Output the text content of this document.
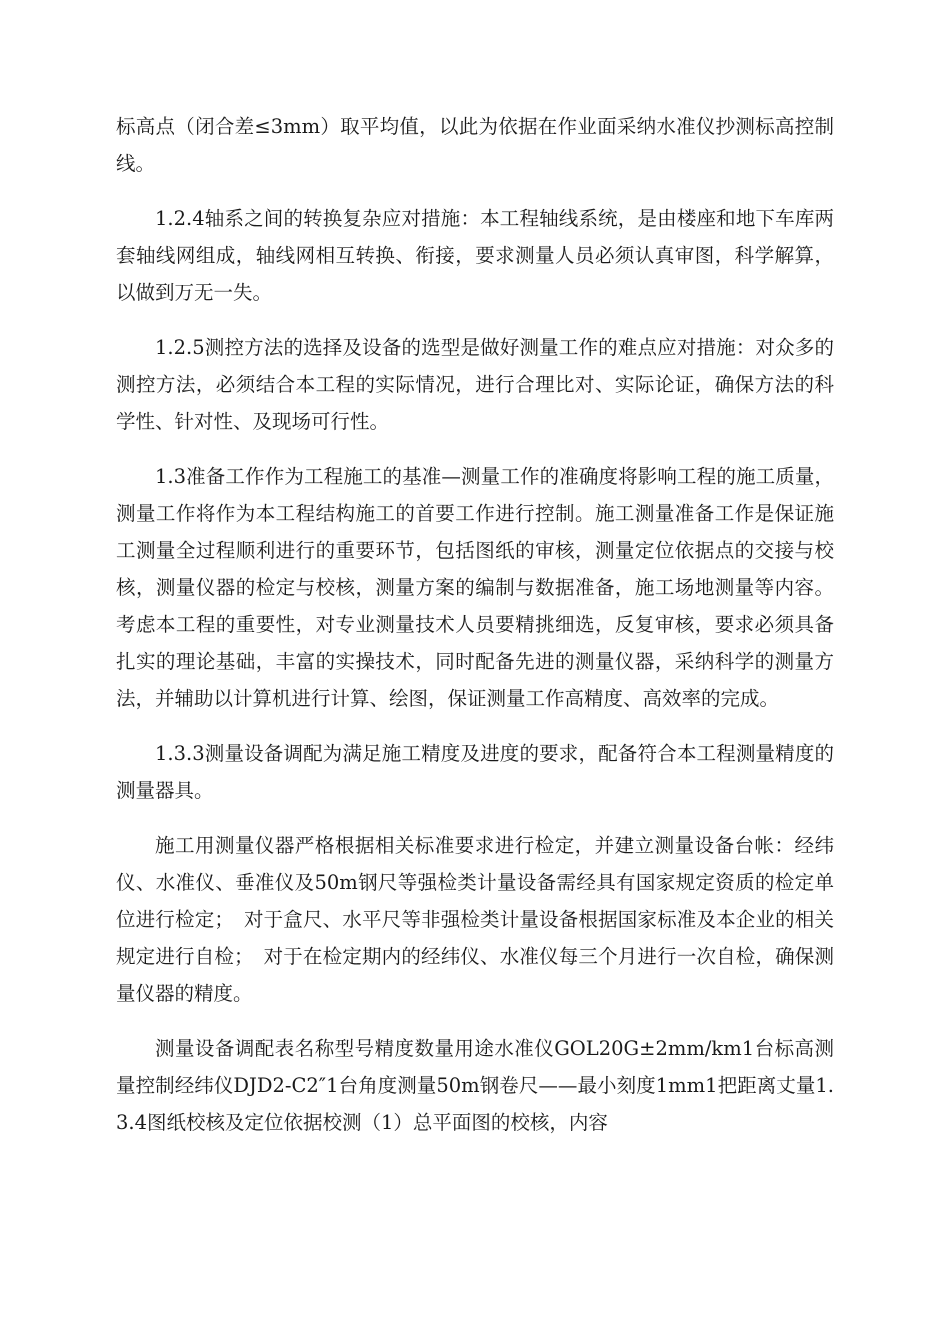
标高点（闭合差≤3mm）取平均值，以此为依据在作业面采纳水准仪抄测标高控制线。

1.2.4轴系之间的转换复杂应对措施：本工程轴线系统，是由楼座和地下车库两套轴线网组成，轴线网相互转换、衔接，要求测量人员必须认真审图，科学解算，以做到万无一失。

1.2.5测控方法的选择及设备的选型是做好测量工作的难点应对措施：对众多的测控方法，必须结合本工程的实际情况，进行合理比对、实际论证，确保方法的科学性、针对性、及现场可行性。

1.3准备工作作为工程施工的基准—测量工作的准确度将影响工程的施工质量，测量工作将作为本工程结构施工的首要工作进行控制。施工测量准备工作是保证施工测量全过程顺利进行的重要环节，包括图纸的审核，测量定位依据点的交接与校核，测量仪器的检定与校核，测量方案的编制与数据准备，施工场地测量等内容。考虑本工程的重要性，对专业测量技术人员要精挑细选，反复审核，要求必须具备扎实的理论基础，丰富的实操技术，同时配备先进的测量仪器，采纳科学的测量方法，并辅助以计算机进行计算、绘图，保证测量工作高精度、高效率的完成。

1.3.3测量设备调配为满足施工精度及进度的要求，配备符合本工程测量精度的测量器具。

施工用测量仪器严格根据相关标准要求进行检定，并建立测量设备台帐：经纬仪、水准仪、垂准仪及50m钢尺等强检类计量设备需经具有国家规定资质的检定单位进行检定；　对于盒尺、水平尺等非强检类计量设备根据国家标准及本企业的相关规定进行自检；　对于在检定期内的经纬仪、水准仪每三个月进行一次自检，确保测量仪器的精度。

测量设备调配表名称型号精度数量用途水准仪GOL20G±2mm/km1台标高测量控制经纬仪DJD2-C2″1台角度测量50m钢卷尺——最小刻度1mm1把距离丈量1.3.4图纸校核及定位依据校测（1）总平面图的校核，内容
